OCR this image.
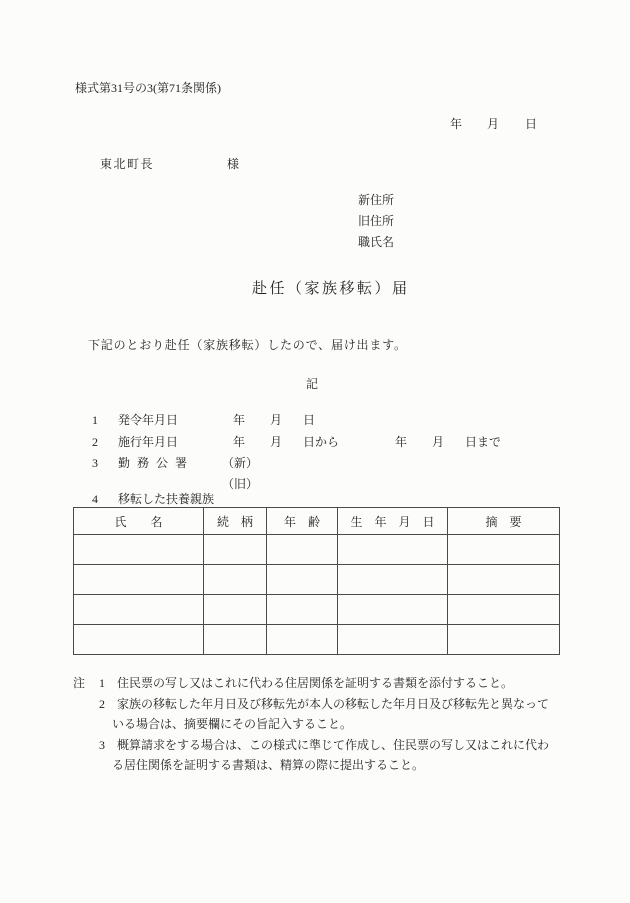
様式第31号の3(第71条関係)
年 月 日
東北町長	様
新住所
旧住所
職氏名
赴任（家族移転）届
下記のとおり赴任（家族移転）したので、届け出ます。
記
1 発令年月日	年 月 日
2 施行年月日	年 月 日から	年 月 日まで
3 勤務公署 （新）
（旧）
4 移転した扶養親族
氏　　名	続　柄	年　齢	生　年　月　日	摘　要

注 1 住民票の写し又はこれに代わる住居関係を証明する書類を添付すること。
2 家族の移転した年月日及び移転先が本人の移転した年月日及び移転先と異なって
いる場合は、摘要欄にその旨記入すること。
3 概算請求をする場合は、この様式に準じて作成し、住民票の写し又はこれに代わ
る居住関係を証明する書類は、精算の際に提出すること。
